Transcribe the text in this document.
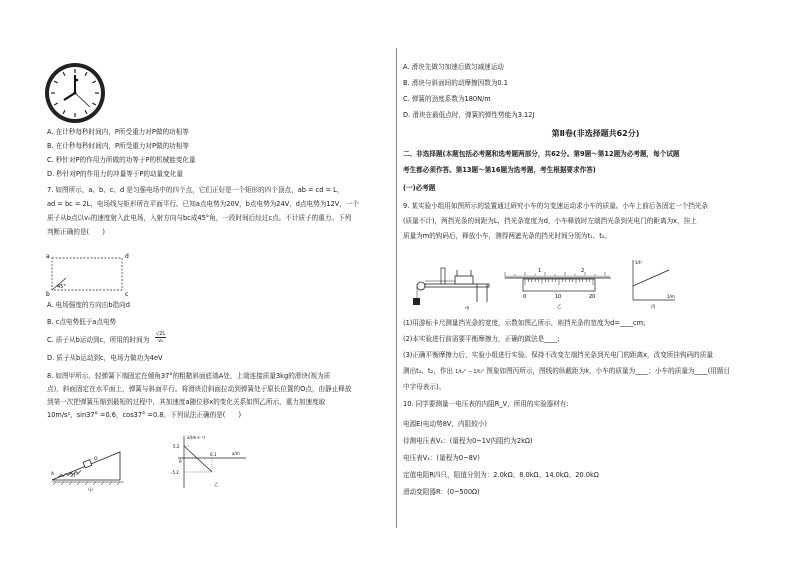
A. 在计秒每秒时间内，P所受重力对P做的功相等
B. 在计秒每秒时间内，P所受重力对P做的功相等
C. 秒针对P的作用力所做的功等于P的机械能变化量
D. 秒针对P的作用力的冲量等于P的动量变化量
7. 如图所示，a、b、c、d 是匀强电场中的四个点，它们正好是一个矩形的四个顶点，ab = cd = L，
ad = bc = 2L，电场线与矩形所在平面平行。已知a点电势为20V，b点电势为24V，d点电势为12V，一个
质子从b点以v₀的速度射入此电场，入射方向与bc成45°角，一段时间后经过c点。不计质子的重力。下列
判断正确的是(　　)
a	d
b	c
45°
A. 电场强度的方向由b指向d
B. c点电势低于a点电势
C. 质子从b运动到c，所用的时间为
√2L
v₀
D. 质子从b运动到c，电场力做功为4eV
8. 如图甲所示，轻弹簧下端固定在倾角37°的粗糙斜面底端A处，上端连接质量3kg的滑块(视为质
点)，斜面固定在水平面上，弹簧与斜面平行。将滑块沿斜面拉动到弹簧处于原长位置的O点，由静止释放
到第一次把弹簧压缩到最短的过程中，其加速度a随位移x的变化关系如图乙所示，重力加速度取
10m/s²，sin37° =0.6，cos37° =0.8。下列说法正确的是(　　)
37°
A
O
甲
a/(m·s⁻²)
x/m
5.2
-5.2
0.1
0
乙
A. 滑块先做匀加速后做匀减速运动
B. 滑块与斜面间的动摩擦因数为0.1
C. 弹簧的劲度系数为180N/m
D. 滑块在最低点时，弹簧的弹性势能为3.12J
第Ⅱ卷(非选择题共62分)
二、非选择题(本题包括必考题和选考题两部分，共62分。第9题～第12题为必考题，每个试题
考生都必须作答。第13题～第16题为选考题，考生根据要求作答)
(一)必考题
9. 某实验小组用如图所示的装置通过研究小车的匀变速运动求小车的质量。小车上前后各固定一个挡光条
(质量不计)，两挡光条的间距为L，挡光条宽度为d，小车释放时左端挡光条到光电门的距离为x，挂上
质量为m的钩码后，释放小车，测得两遮光条的挡光时间分别为t₁、t₂。
甲
1	2
0	10	20
乙
1/t²
1/m
丙
(1)用游标卡尺测量挡光条的宽度，示数如图乙所示，则挡光条的宽度为d=____cm;
(2)本实验进行前需要平衡摩擦力，正确的做法是____;
(3)正确平衡摩擦力后，实验小组进行实验。保持不改变左端挡光条到光电门的距离x，改变所挂钩码的质量
测出t₁、t₂，作出 1/t₂² − 1/t₁² 图象如图丙所示，图线的纵截距为k，小车的质量为____；小车的质量为____(用题目
中字母表示)。
10. 同学要测量一电压表的内阻R_V，所用的实验器材有:
电源E(电动势8V，内阻较小)
待测电压表V₁：(量程为0~1V内阻约为2kΩ)
电压表V₂：(量程为0~8V)
定值电阻R四只，阻值分别为：2.0kΩ、8.0kΩ、14.0kΩ、20.0kΩ
滑动变阻器R：(0~500Ω)
